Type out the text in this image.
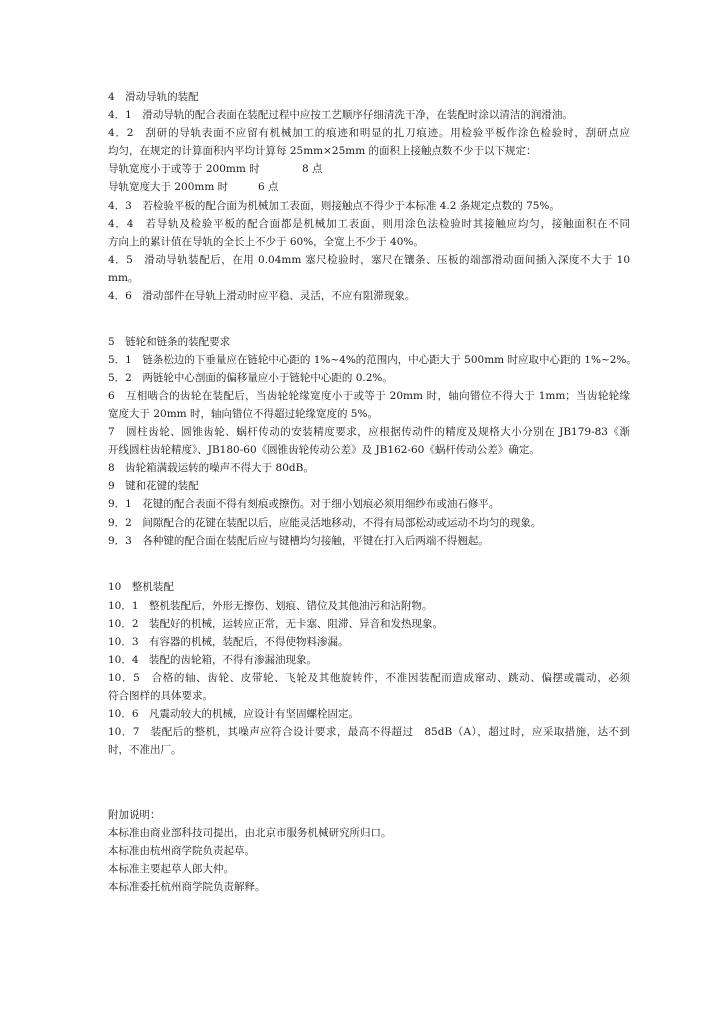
4　滑动导轨的装配
4．1　滑动导轨的配合表面在装配过程中应按工艺顺序仔细清洗干净，在装配时涂以清洁的润滑油。
4．2　刮研的导轨表面不应留有机械加工的痕迹和明显的扎刀痕迹。用检验平板作涂色检验时，刮研点应
均匀，在规定的计算面积内平均计算每 25mm×25mm 的面积上接触点数不少于以下规定：
导轨宽度小于或等于 200mm 时	8 点
导轨宽度大于 200mm 时	6 点
4．3　若检验平板的配合面为机械加工表面，则接触点不得少于本标准 4.2 条规定点数的 75%。
4．4　若导轨及检验平板的配合面都是机械加工表面，则用涂色法检验时其接触应均匀，接触面积在不同
方向上的累计值在导轨的全长上不少于 60%，全宽上不少于 40%。
4．5　滑动导轨装配后，在用 0.04mm 塞尺检验时，塞尺在镶条、压板的端部滑动面间插入深度不大于 10
mm。
4．6　滑动部件在导轨上滑动时应平稳、灵活，不应有阻滞现象。
5　链轮和链条的装配要求
5．1　链条松边的下垂量应在链轮中心距的 1%~4%的范围内，中心距大于 500mm 时应取中心距的 1%~2%。
5．2　两链轮中心剖面的偏移量应小于链轮中心距的 0.2%。
6　互相啮合的齿轮在装配后，当齿轮轮缘宽度小于或等于 20mm 时，轴向错位不得大于 1mm；当齿轮轮缘
宽度大于 20mm 时，轴向错位不得超过轮缘宽度的 5%。
7　圆柱齿轮、圆锥齿轮、蜗杆传动的安装精度要求，应根据传动件的精度及规格大小分别在 JB179-83《渐
开线圆柱齿轮精度》、JB180-60《圆锥齿轮传动公差》及 JB162-60《蜗杆传动公差》确定。
8　齿轮箱满载运转的噪声不得大于 80dB。
9　键和花键的装配
9．1　花键的配合表面不得有刻痕或擦伤。对于细小划痕必须用细纱布或油石修平。
9．2　间隙配合的花键在装配以后，应能灵活地移动，不得有局部松动或运动不均匀的现象。
9．3　各种键的配合面在装配后应与键槽均匀接触，平键在打入后两端不得翘起。
10　整机装配
10．1　整机装配后，外形无擦伤、划痕、错位及其他油污和沾附物。
10．2　装配好的机械，运转应正常，无卡塞、阻滞、异音和发热现象。
10．3　有容器的机械，装配后，不得使物料渗漏。
10．4　装配的齿轮箱，不得有渗漏油现象。
10．5　合格的轴、齿轮、皮带轮、飞轮及其他旋转件，不准因装配而造成窜动、跳动、偏摆或震动，必须
符合图样的具体要求。
10．6　凡震动较大的机械，应设计有坚固螺栓固定。
10．7　装配后的整机，其噪声应符合设计要求，最高不得超过　85dB（A），超过时，应采取措施，达不到
时，不准出厂。
附加说明：
本标准由商业部科技司提出，由北京市服务机械研究所归口。
本标准由杭州商学院负责起草。
本标准主要起草人郎大仲。
本标准委托杭州商学院负责解释。
